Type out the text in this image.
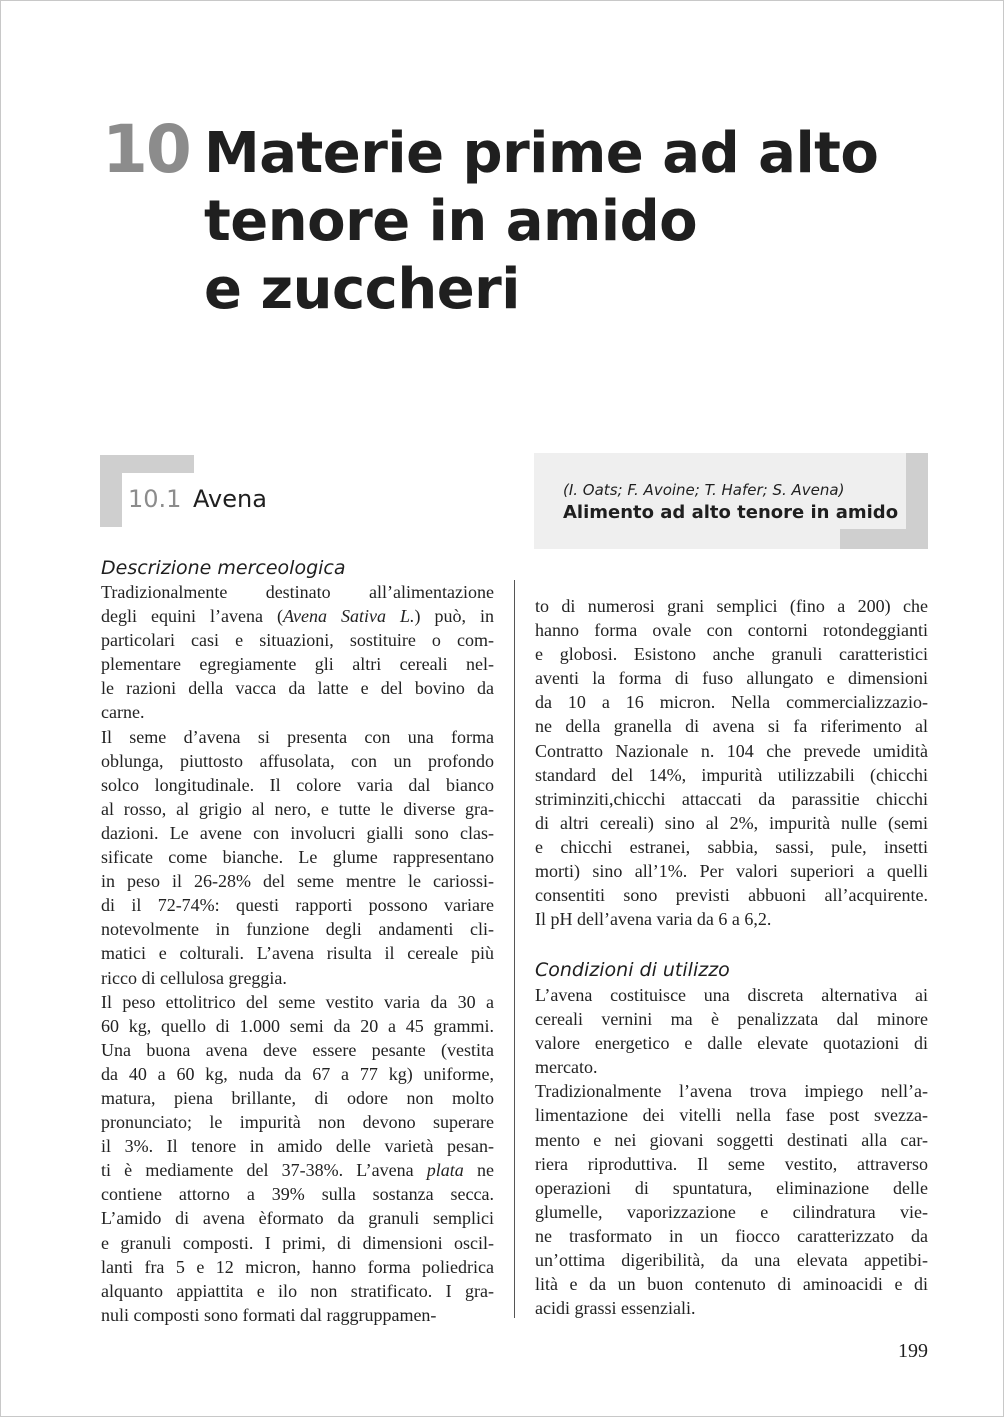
10 Materie prime ad alto
tenore in amido
e zuccheri
10.1 Avena	(I. Oats; F. Avoine; T. Hafer; S. Avena)
Alimento ad alto tenore in amido
Descrizione merceologica
Tradizionalmente destinato all’alimentazione
degli equini l’avena (Avena Sativa L.) può, in
particolari casi e situazioni, sostituire o com-
plementare egregiamente gli altri cereali nel-
le razioni della vacca da latte e del bovino da
carne.
Il seme d’avena si presenta con una forma
oblunga, piuttosto affusolata, con un profondo
solco longitudinale. Il colore varia dal bianco
al rosso, al grigio al nero, e tutte le diverse gra-
dazioni. Le avene con involucri gialli sono clas-
sificate come bianche. Le glume rappresentano
in peso il 26-28% del seme mentre le cariossi-
di il 72-74%: questi rapporti possono variare
notevolmente in funzione degli andamenti cli-
matici e colturali. L’avena risulta il cereale più
ricco di cellulosa greggia.
Il peso ettolitrico del seme vestito varia da 30 a
60 kg, quello di 1.000 semi da 20 a 45 grammi.
Una buona avena deve essere pesante (vestita
da 40 a 60 kg, nuda da 67 a 77 kg) uniforme,
matura, piena brillante, di odore non molto
pronunciato; le impurità non devono superare
il 3%. Il tenore in amido delle varietà pesan-
ti è mediamente del 37-38%. L’avena plata ne
contiene attorno a 39% sulla sostanza secca.
L’amido di avena èformato da granuli semplici
e granuli composti. I primi, di dimensioni oscil-
lanti fra 5 e 12 micron, hanno forma poliedrica
alquanto appiattita e ilo non stratificato. I gra-
nuli composti sono formati dal raggruppamen-
to di numerosi grani semplici (fino a 200) che
hanno forma ovale con contorni rotondeggianti
e globosi. Esistono anche granuli caratteristici
aventi la forma di fuso allungato e dimensioni
da 10 a 16 micron. Nella commercializzazio-
ne della granella di avena si fa riferimento al
Contratto Nazionale n. 104 che prevede umidità
standard del 14%, impurità utilizzabili (chicchi
striminziti,chicchi attaccati da parassitie chicchi
di altri cereali) sino al 2%, impurità nulle (semi
e chicchi estranei, sabbia, sassi, pule, insetti
morti) sino all’1%. Per valori superiori a quelli
consentiti sono previsti abbuoni all’acquirente.
Il pH dell’avena varia da 6 a 6,2.
Condizioni di utilizzo
L’avena costituisce una discreta alternativa ai
cereali vernini ma è penalizzata dal minore
valore energetico e dalle elevate quotazioni di
mercato.
Tradizionalmente l’avena trova impiego nell’a-
limentazione dei vitelli nella fase post svezza-
mento e nei giovani soggetti destinati alla car-
riera riproduttiva. Il seme vestito, attraverso
operazioni di spuntatura, eliminazione delle
glumelle, vaporizzazione e cilindratura vie-
ne trasformato in un fiocco caratterizzato da
un’ottima digeribilità, da una elevata appetibi-
lità e da un buon contenuto di aminoacidi e di
acidi grassi essenziali.
199
